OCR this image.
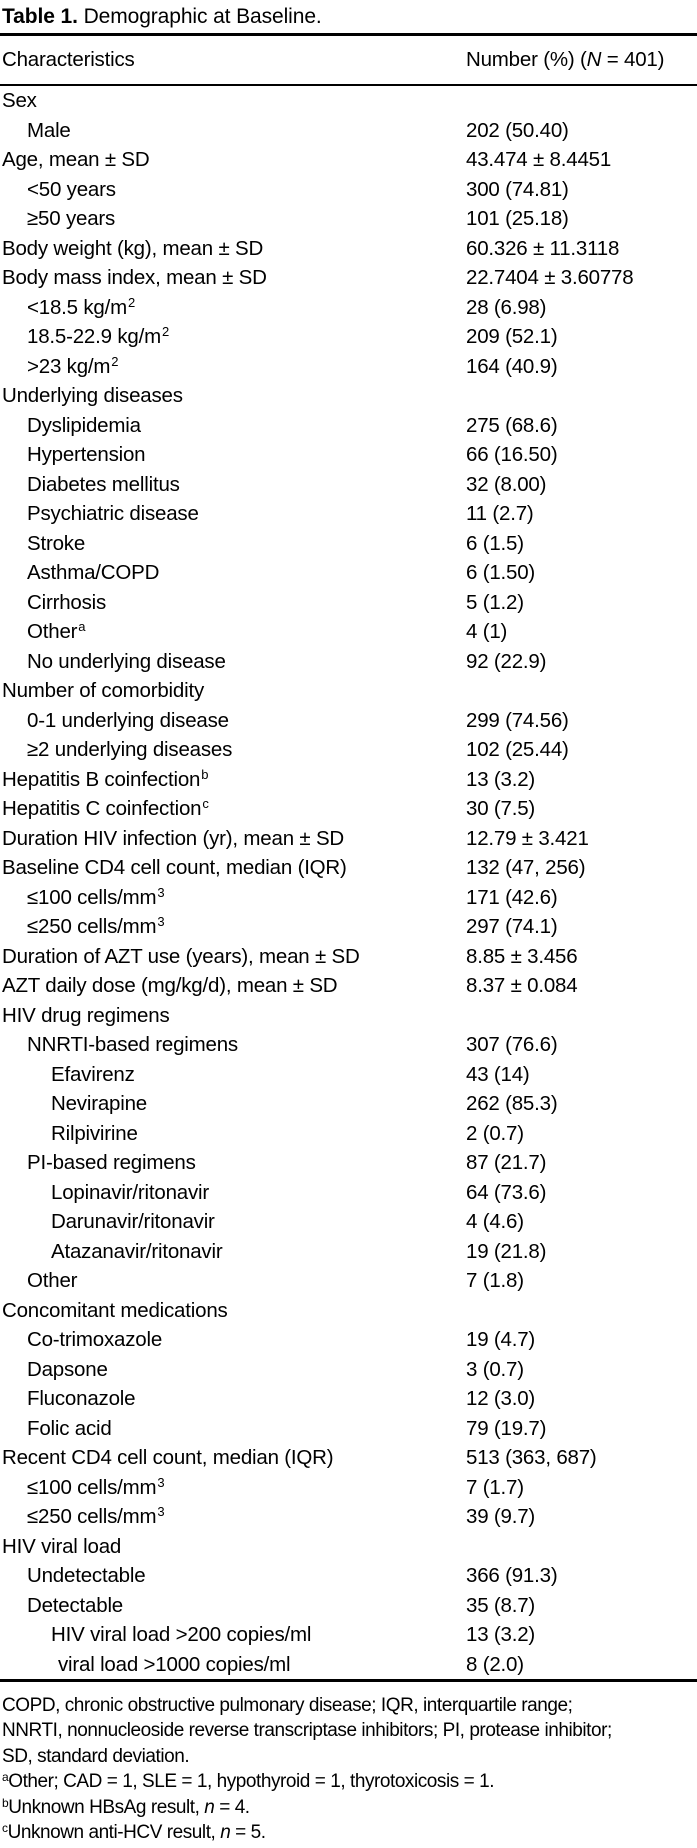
Table 1. Demographic at Baseline.
Characteristics	Number (%) (N = 401)
Sex
Male	202 (50.40)
Age, mean ± SD	43.474 ± 8.4451
<50 years	300 (74.81)
≥50 years	101 (25.18)
Body weight (kg), mean ± SD	60.326 ± 11.3118
Body mass index, mean ± SD	22.7404 ± 3.60778
<18.5 $kg/m^2$	28 (6.98)
18.5-22.9 $kg/m^2$	209 (52.1)
>23 $kg/m^2$	164 (40.9)
Underlying diseases
Dyslipidemia	275 (68.6)
Hypertension	66 (16.50)
Diabetes mellitus	32 (8.00)
Psychiatric disease	11 (2.7)
Stroke	6 (1.5)
Asthma/COPD	6 (1.50)
Cirrhosis	5 (1.2)
Other$^a$	4 (1)
No underlying disease	92 (22.9)
Number of comorbidity
0-1 underlying disease	299 (74.56)
≥2 underlying diseases	102 (25.44)
Hepatitis B coinfection$^b$	13 (3.2)
Hepatitis C coinfection$^c$	30 (7.5)
Duration HIV infection (yr), mean ± SD	12.79 ± 3.421
Baseline CD4 cell count, median (IQR)	132 (47, 256)
≤100 cells/$mm^3$	171 (42.6)
≤250 cells/$mm^3$	297 (74.1)
Duration of AZT use (years), mean ± SD	8.85 ± 3.456
AZT daily dose (mg/kg/d), mean ± SD	8.37 ± 0.084
HIV drug regimens
NNRTI-based regimens	307 (76.6)
Efavirenz	43 (14)
Nevirapine	262 (85.3)
Rilpivirine	2 (0.7)
PI-based regimens	87 (21.7)
Lopinavir/ritonavir	64 (73.6)
Darunavir/ritonavir	4 (4.6)
Atazanavir/ritonavir	19 (21.8)
Other	7 (1.8)
Concomitant medications
Co-trimoxazole	19 (4.7)
Dapsone	3 (0.7)
Fluconazole	12 (3.0)
Folic acid	79 (19.7)
Recent CD4 cell count, median (IQR)	513 (363, 687)
≤100 cells/$mm^3$	7 (1.7)
≤250 cells/$mm^3$	39 (9.7)
HIV viral load
Undetectable	366 (91.3)
Detectable	35 (8.7)
HIV viral load >200 copies/ml	13 (3.2)
viral load >1000 copies/ml	8 (2.0)
COPD, chronic obstructive pulmonary disease; IQR, interquartile range;
NNRTI, nonnucleoside reverse transcriptase inhibitors; PI, protease inhibitor;
SD, standard deviation.
$^a$Other; CAD = 1, SLE = 1, hypothyroid = 1, thyrotoxicosis = 1.
$^b$Unknown HBsAg result, n = 4.
$^c$Unknown anti-HCV result, n = 5.
